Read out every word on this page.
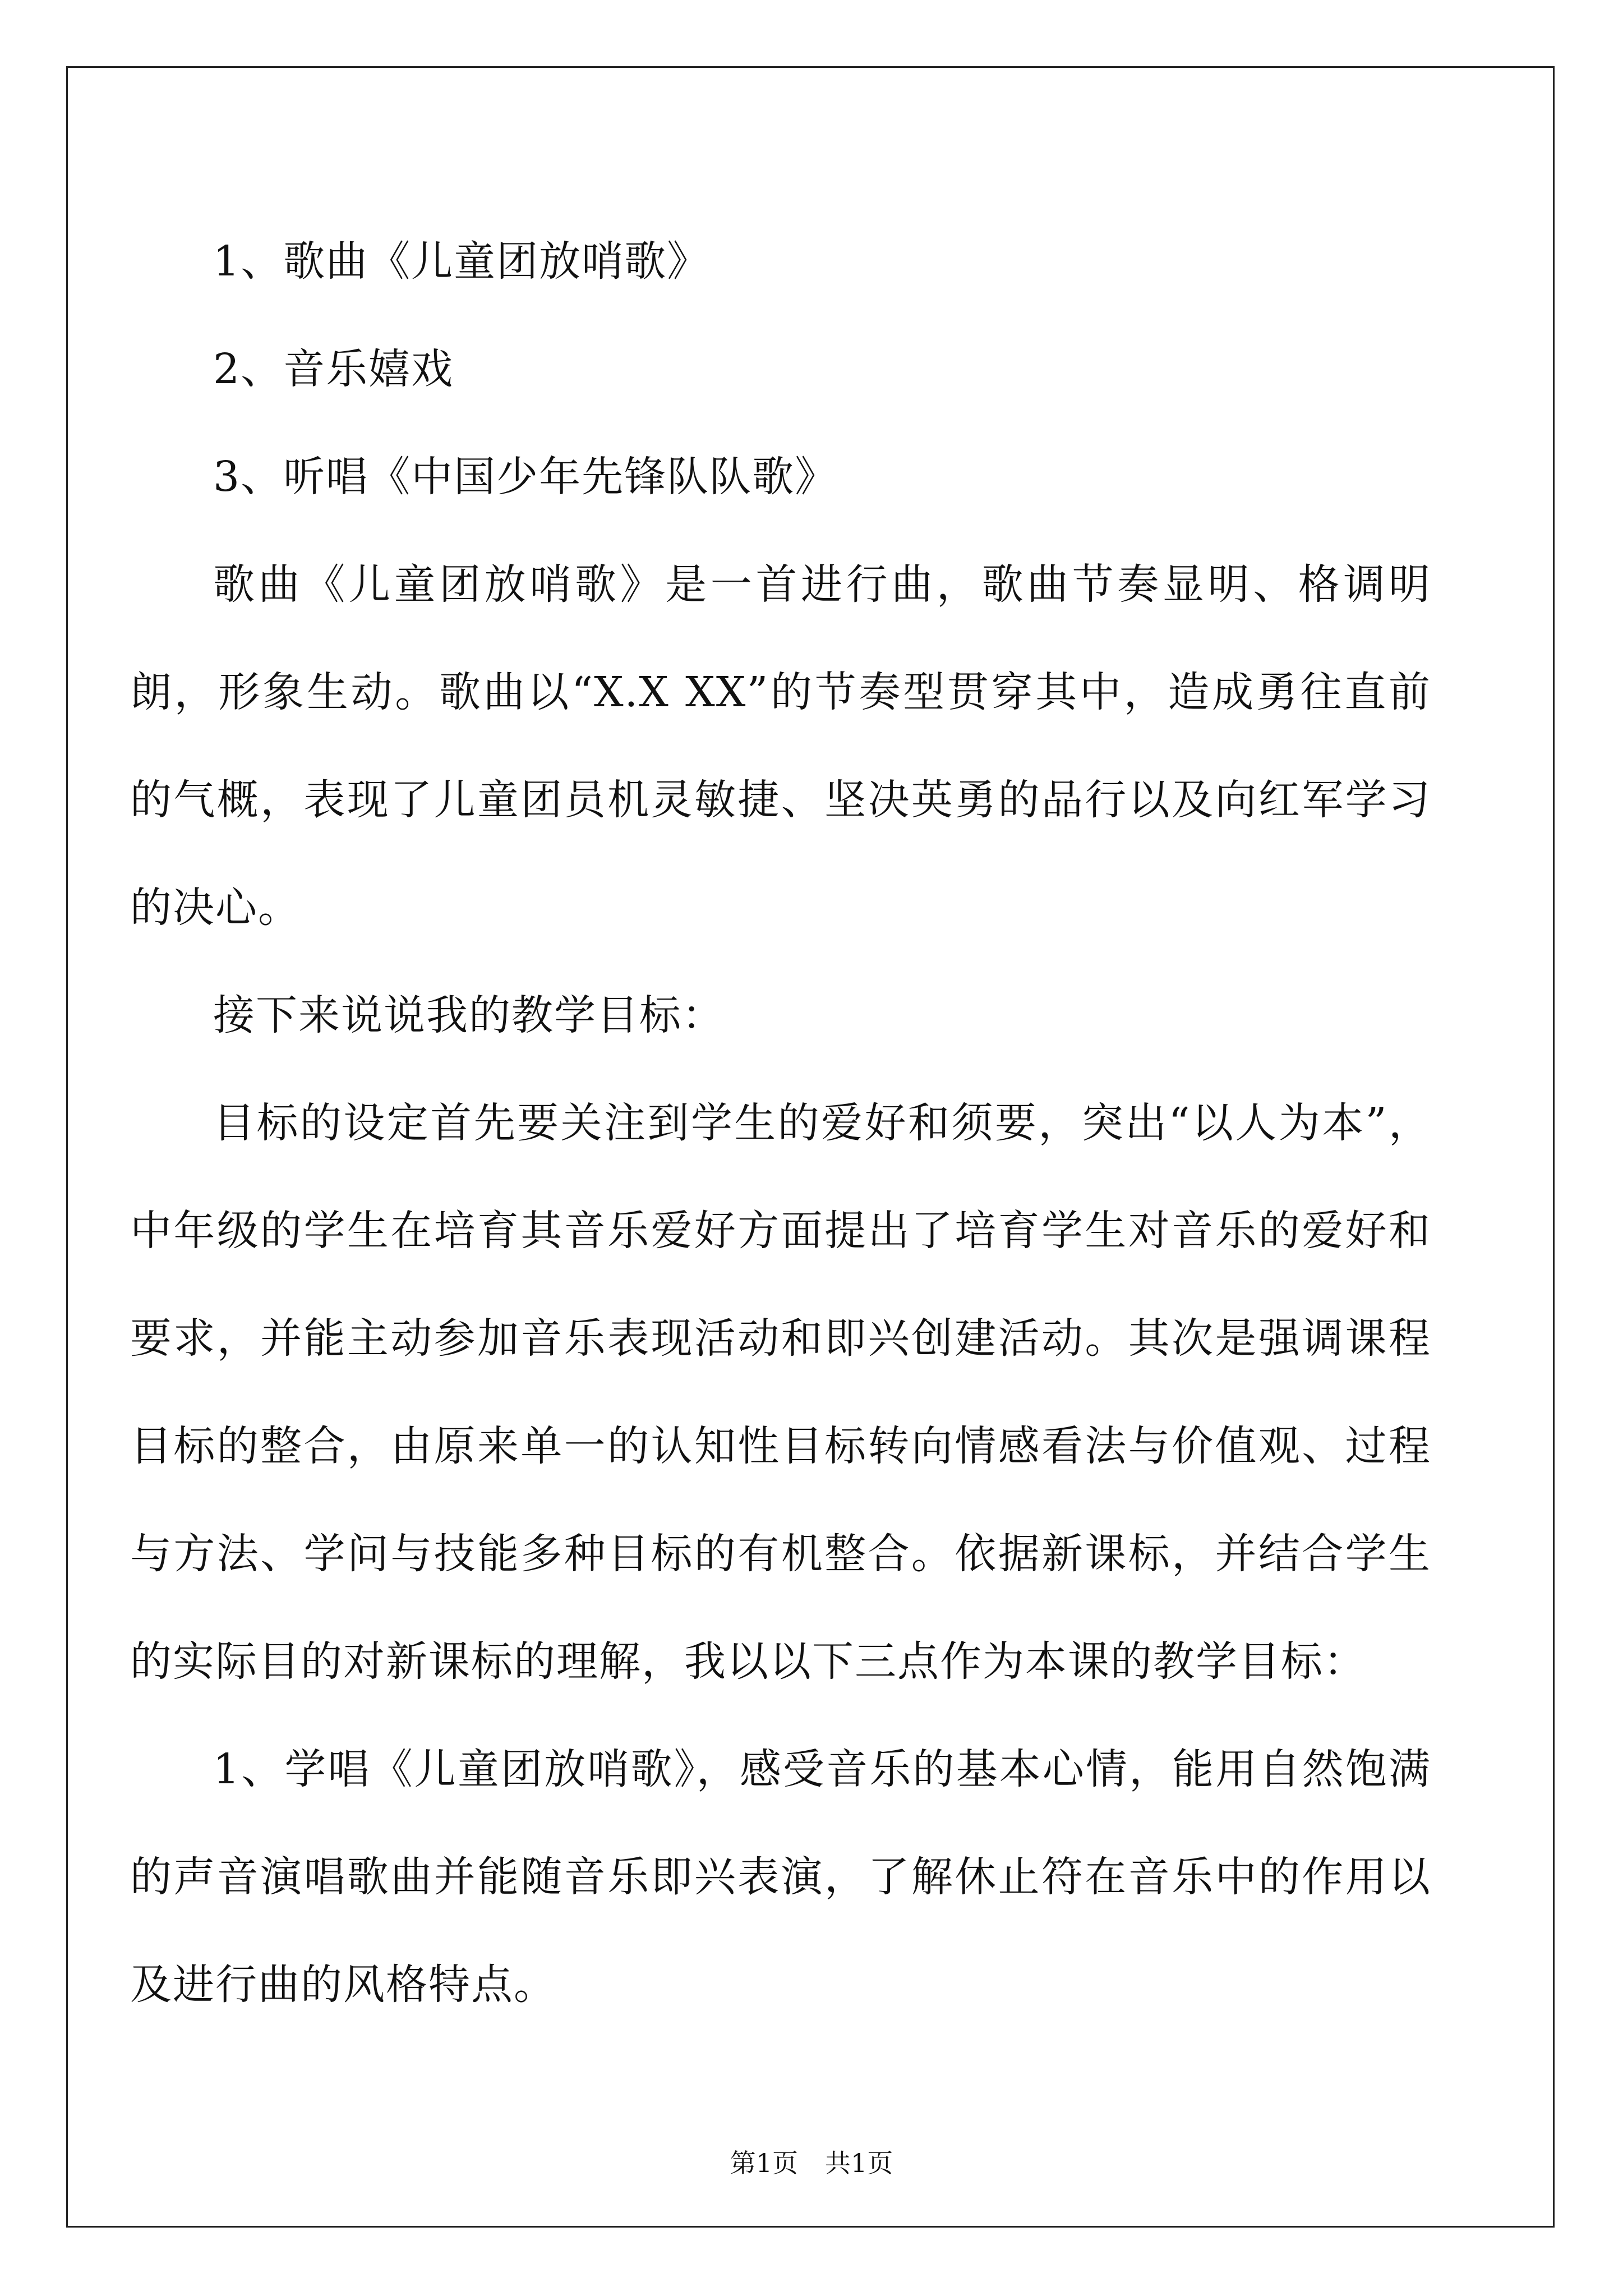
1、歌曲《儿童团放哨歌》

2、音乐嬉戏

3、听唱《中国少年先锋队队歌》

歌曲《儿童团放哨歌》是一首进行曲，歌曲节奏显明、格调明朗，形象生动。歌曲以“X.X XX”的节奏型贯穿其中，造成勇往直前的气概，表现了儿童团员机灵敏捷、坚决英勇的品行以及向红军学习的决心。

接下来说说我的教学目标：

目标的设定首先要关注到学生的爱好和须要，突出“以人为本”，中年级的学生在培育其音乐爱好方面提出了培育学生对音乐的爱好和要求，并能主动参加音乐表现活动和即兴创建活动。其次是强调课程目标的整合，由原来单一的认知性目标转向情感看法与价值观、过程与方法、学问与技能多种目标的有机整合。依据新课标，并结合学生的实际目的对新课标的理解，我以以下三点作为本课的教学目标：

1、学唱《儿童团放哨歌》，感受音乐的基本心情，能用自然饱满的声音演唱歌曲并能随音乐即兴表演，了解休止符在音乐中的作用以及进行曲的风格特点。

第1页 共1页
